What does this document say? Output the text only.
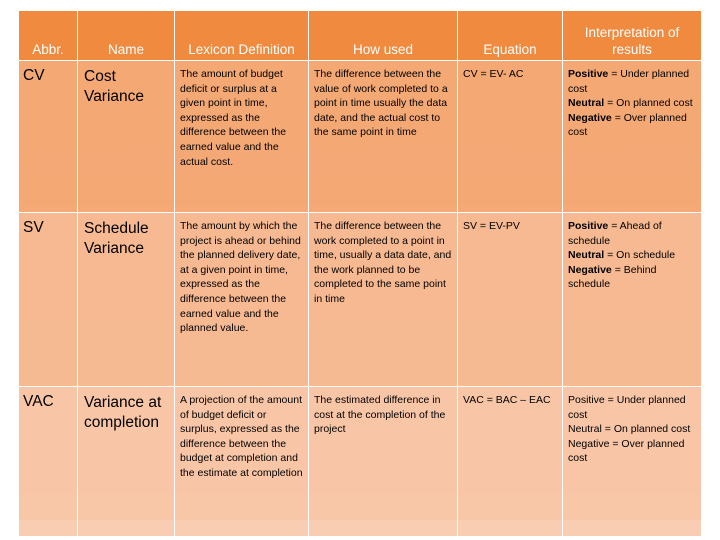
Abbr.	Name	Lexicon Definition	How used	Equation	Interpretation of results
CV	Cost Variance	The amount of budget deficit or surplus at a given point in time, expressed as the difference between the earned value and the actual cost.	The difference between the value of work completed to a point in time usually the data date, and the actual cost to the same point in time	CV = EV- AC	Positive = Under planned cost
Neutral = On planned cost
Negative = Over planned cost

SV	Schedule Variance	The amount by which the project is ahead or behind the planned delivery date, at a given point in time, expressed as the difference between the earned value and the planned value.	The difference between the work completed to a point in time, usually a data date, and the work planned to be completed to the same point in time	SV = EV-PV	Positive = Ahead of schedule
Neutral = On schedule
Negative = Behind schedule

VAC	Variance at completion	A projection of the amount of budget deficit or surplus, expressed as the difference between the budget at completion and the estimate at completion	The estimated difference in cost at the completion of the project	VAC = BAC – EAC	Positive = Under planned cost
Neutral = On planned cost
Negative = Over planned cost
